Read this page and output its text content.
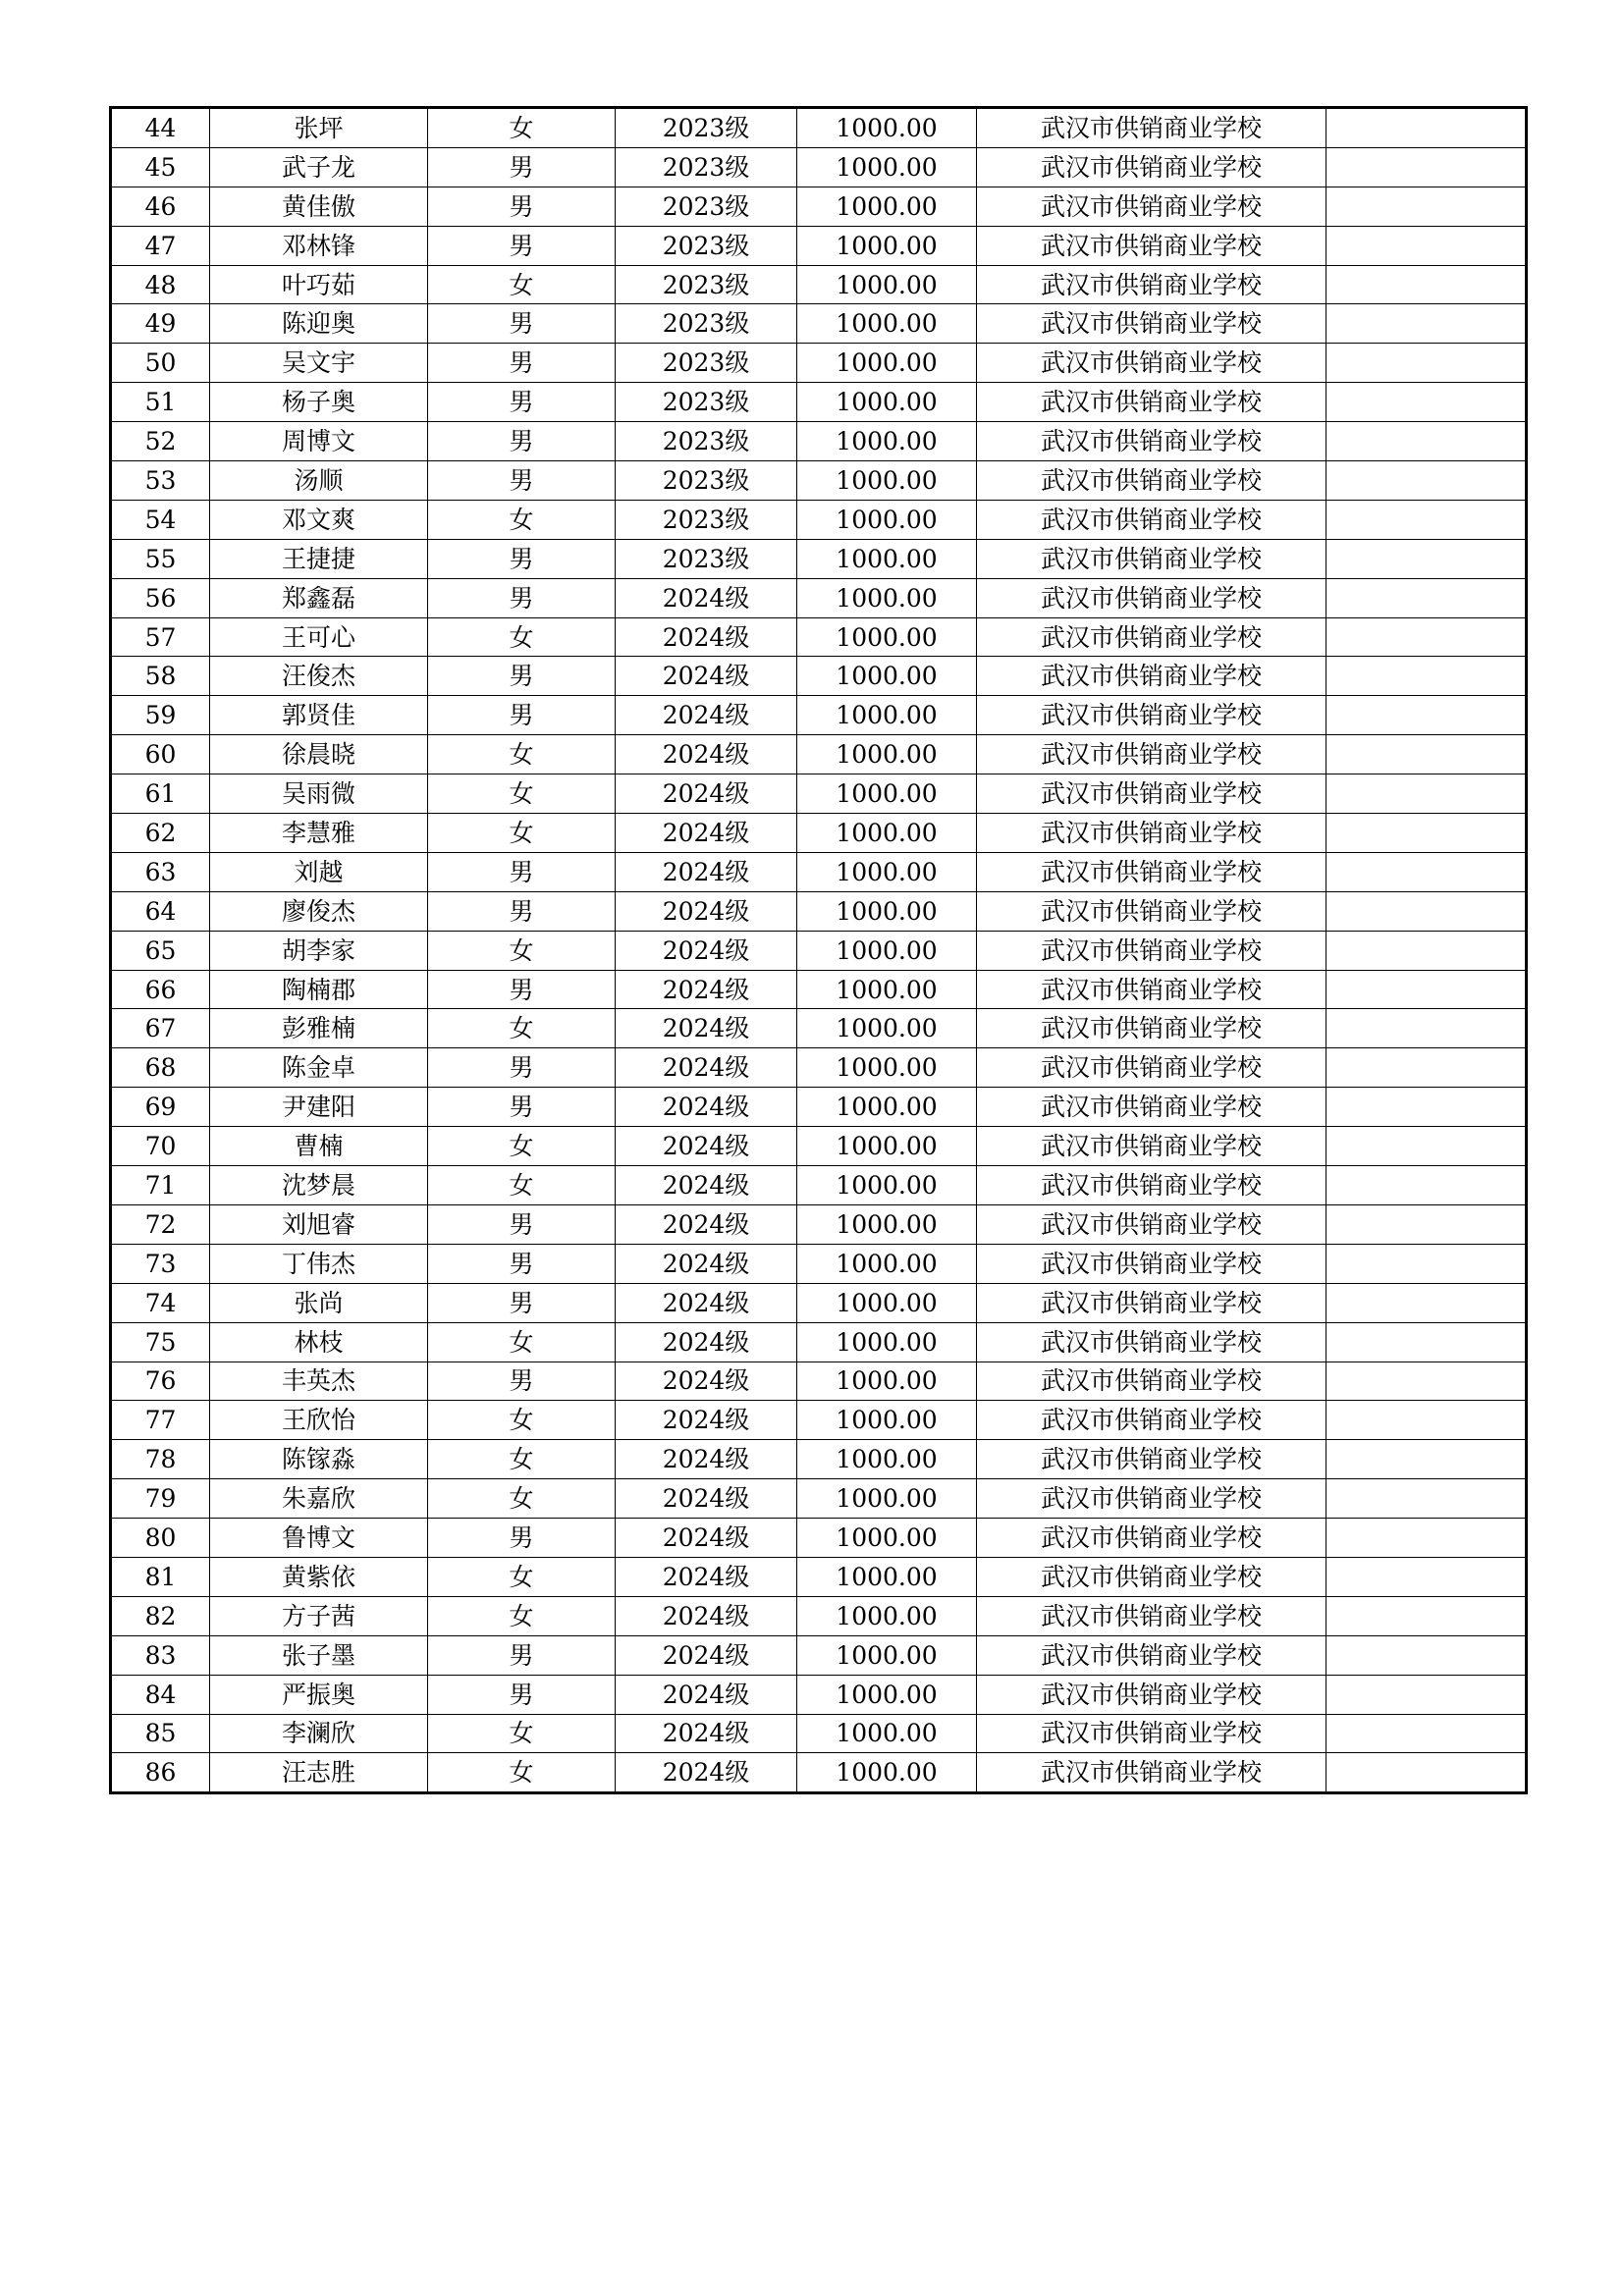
44	张坪	女	2023级	1000.00	武汉市供销商业学校	
45	武子龙	男	2023级	1000.00	武汉市供销商业学校	
46	黄佳傲	男	2023级	1000.00	武汉市供销商业学校	
47	邓林锋	男	2023级	1000.00	武汉市供销商业学校	
48	叶巧茹	女	2023级	1000.00	武汉市供销商业学校	
49	陈迎奥	男	2023级	1000.00	武汉市供销商业学校	
50	吴文宇	男	2023级	1000.00	武汉市供销商业学校	
51	杨子奥	男	2023级	1000.00	武汉市供销商业学校	
52	周博文	男	2023级	1000.00	武汉市供销商业学校	
53	汤顺	男	2023级	1000.00	武汉市供销商业学校	
54	邓文爽	女	2023级	1000.00	武汉市供销商业学校	
55	王捷捷	男	2023级	1000.00	武汉市供销商业学校	
56	郑鑫磊	男	2024级	1000.00	武汉市供销商业学校	
57	王可心	女	2024级	1000.00	武汉市供销商业学校	
58	汪俊杰	男	2024级	1000.00	武汉市供销商业学校	
59	郭贤佳	男	2024级	1000.00	武汉市供销商业学校	
60	徐晨晓	女	2024级	1000.00	武汉市供销商业学校	
61	吴雨微	女	2024级	1000.00	武汉市供销商业学校	
62	李慧雅	女	2024级	1000.00	武汉市供销商业学校	
63	刘越	男	2024级	1000.00	武汉市供销商业学校	
64	廖俊杰	男	2024级	1000.00	武汉市供销商业学校	
65	胡李家	女	2024级	1000.00	武汉市供销商业学校	
66	陶楠郡	男	2024级	1000.00	武汉市供销商业学校	
67	彭雅楠	女	2024级	1000.00	武汉市供销商业学校	
68	陈金卓	男	2024级	1000.00	武汉市供销商业学校	
69	尹建阳	男	2024级	1000.00	武汉市供销商业学校	
70	曹楠	女	2024级	1000.00	武汉市供销商业学校	
71	沈梦晨	女	2024级	1000.00	武汉市供销商业学校	
72	刘旭睿	男	2024级	1000.00	武汉市供销商业学校	
73	丁伟杰	男	2024级	1000.00	武汉市供销商业学校	
74	张尚	男	2024级	1000.00	武汉市供销商业学校	
75	林枝	女	2024级	1000.00	武汉市供销商业学校	
76	丰英杰	男	2024级	1000.00	武汉市供销商业学校	
77	王欣怡	女	2024级	1000.00	武汉市供销商业学校	
78	陈镓淼	女	2024级	1000.00	武汉市供销商业学校	
79	朱嘉欣	女	2024级	1000.00	武汉市供销商业学校	
80	鲁博文	男	2024级	1000.00	武汉市供销商业学校	
81	黄紫依	女	2024级	1000.00	武汉市供销商业学校	
82	方子茜	女	2024级	1000.00	武汉市供销商业学校	
83	张子墨	男	2024级	1000.00	武汉市供销商业学校	
84	严振奥	男	2024级	1000.00	武汉市供销商业学校	
85	李澜欣	女	2024级	1000.00	武汉市供销商业学校	
86	汪志胜	女	2024级	1000.00	武汉市供销商业学校	
